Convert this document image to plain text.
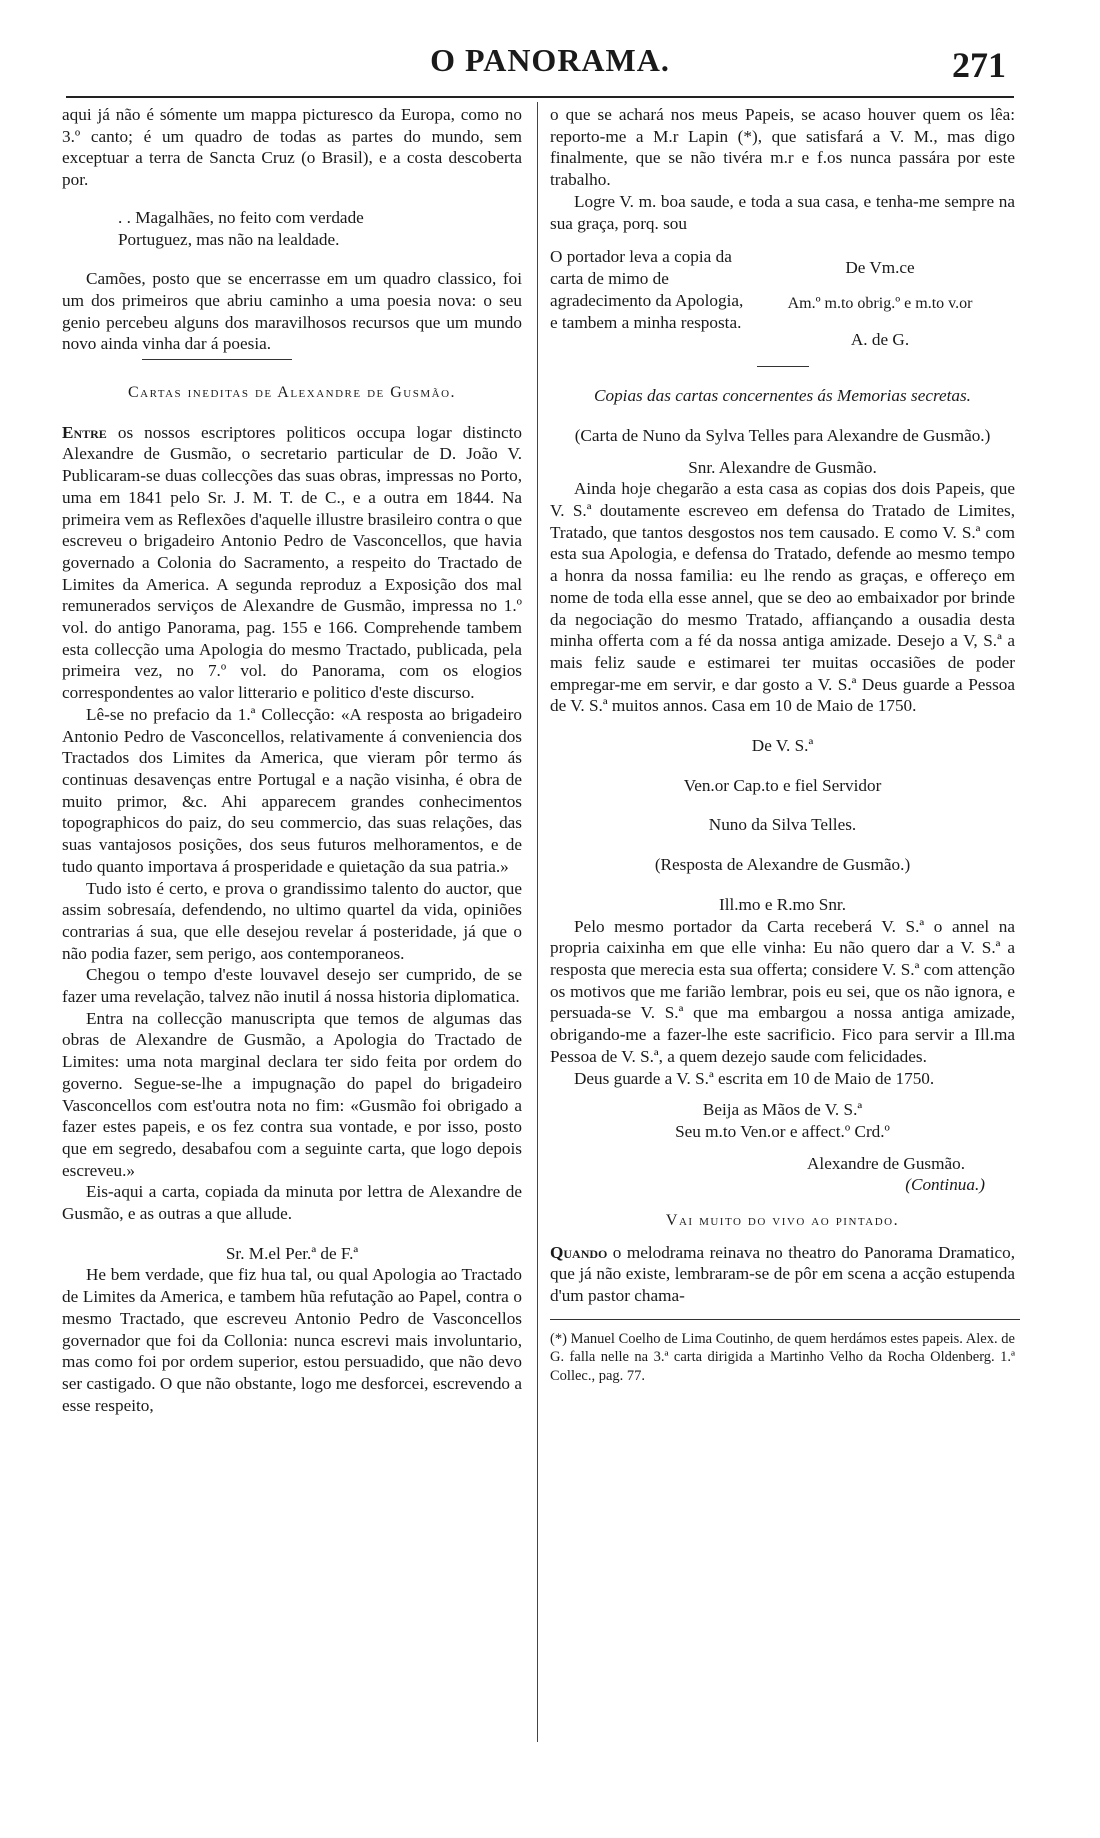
O PANORAMA.	271

aqui já não é sómente um mappa picturesco da Europa, como no 3.º canto; é um quadro de todas as partes do mundo, sem exceptuar a terra de Sancta Cruz (o Brasil), e a costa descoberta por.

. . Magalhães, no feito com verdade
Portuguez, mas não na lealdade.

Camões, posto que se encerrasse em um quadro classico, foi um dos primeiros que abriu caminho a uma poesia nova: o seu genio percebeu alguns dos maravilhosos recursos que um mundo novo ainda vinha dar á poesia.

Cartas ineditas de Alexandre de Gusmão.

Entre os nossos escriptores politicos occupa logar distincto Alexandre de Gusmão, o secretario particular de D. João V. Publicaram-se duas collecções das suas obras, impressas no Porto, uma em 1841 pelo Sr. J. M. T. de C., e a outra em 1844. Na primeira vem as Reflexões d'aquelle illustre brasileiro contra o que escreveu o brigadeiro Antonio Pedro de Vasconcellos, que havia governado a Colonia do Sacramento, a respeito do Tractado de Limites da America. A segunda reproduz a Exposição dos mal remunerados serviços de Alexandre de Gusmão, impressa no 1.º vol. do antigo Panorama, pag. 155 e 166. Comprehende tambem esta collecção uma Apologia do mesmo Tractado, publicada, pela primeira vez, no 7.º vol. do Panorama, com os elogios correspondentes ao valor litterario e politico d'este discurso.

Lê-se no prefacio da 1.ª Collecção: «A resposta ao brigadeiro Antonio Pedro de Vasconcellos, relativamente á conveniencia dos Tractados dos Limites da America, que vieram pôr termo ás continuas desavenças entre Portugal e a nação visinha, é obra de muito primor, &c. Ahi apparecem grandes conhecimentos topographicos do paiz, do seu commercio, das suas relações, das suas vantajosos posições, dos seus futuros melhoramentos, e de tudo quanto importava á prosperidade e quietação da sua patria.»

Tudo isto é certo, e prova o grandissimo talento do auctor, que assim sobresaía, defendendo, no ultimo quartel da vida, opiniões contrarias á sua, que elle desejou revelar á posteridade, já que o não podia fazer, sem perigo, aos contemporaneos.

Chegou o tempo d'este louvavel desejo ser cumprido, de se fazer uma revelação, talvez não inutil á nossa historia diplomatica.

Entra na collecção manuscripta que temos de algumas das obras de Alexandre de Gusmão, a Apologia do Tractado de Limites: uma nota marginal declara ter sido feita por ordem do governo. Segue-se-lhe a impugnação do papel do brigadeiro Vasconcellos com est'outra nota no fim: «Gusmão foi obrigado a fazer estes papeis, e os fez contra sua vontade, e por isso, posto que em segredo, desabafou com a seguinte carta, que logo depois escreveu.»

Eis-aqui a carta, copiada da minuta por lettra de Alexandre de Gusmão, e as outras a que allude.

Sr. M.el Per.ª de F.ª

He bem verdade, que fiz hua tal, ou qual Apologia ao Tractado de Limites da America, e tambem hũa refutação ao Papel, contra o mesmo Tractado, que escreveu Antonio Pedro de Vasconcellos governador que foi da Collonia: nunca escrevi mais involuntario, mas como foi por ordem superior, estou persuadido, que não devo ser castigado. O que não obstante, logo me desforcei, escrevendo a esse respeito,

o que se achará nos meus Papeis, se acaso houver quem os lêa: reporto-me a M.r Lapin (*), que satisfará a V. M., mas digo finalmente, que se não tivéra m.r e f.os nunca passára por este trabalho.

Logre V. m. boa saude, e toda a sua casa, e tenha-me sempre na sua graça, porq. sou

O portador leva a copia da carta de mimo de agradecimento da Apologia, e tambem a minha resposta.
De Vm.ce
Am.º m.to obrig.º e m.to v.or
A. de G.
Copias das cartas concernentes ás Memorias secretas.
(Carta de Nuno da Sylva Telles para Alexandre de Gusmão.)
Snr. Alexandre de Gusmão.

Ainda hoje chegarão a esta casa as copias dos dois Papeis, que V. S.ª doutamente escreveo em defensa do Tratado de Limites, Tratado, que tantos desgostos nos tem causado. E como V. S.ª com esta sua Apologia, e defensa do Tratado, defende ao mesmo tempo a honra da nossa familia: eu lhe rendo as graças, e offereço em nome de toda ella esse annel, que se deo ao embaixador por brinde da negociação do mesmo Tratado, affiançando a ousadia desta minha offerta com a fé da nossa antiga amizade. Desejo a V, S.ª a mais feliz saude e estimarei ter muitas occasiões de poder empregar-me em servir, e dar gosto a V. S.ª Deus guarde a Pessoa de V. S.ª muitos annos. Casa em 10 de Maio de 1750.

De V. S.ª
Ven.or Cap.to e fiel Servidor
Nuno da Silva Telles.
(Resposta de Alexandre de Gusmão.)
Ill.mo e R.mo Snr.

Pelo mesmo portador da Carta receberá V. S.ª o annel na propria caixinha em que elle vinha: Eu não quero dar a V. S.ª a resposta que merecia esta sua offerta; considere V. S.ª com attenção os motivos que me farião lembrar, pois eu sei, que os não ignora, e persuada-se V. S.ª que ma embargou a nossa antiga amizade, obrigando-me a fazer-lhe este sacrificio. Fico para servir a Ill.ma Pessoa de V. S.ª, a quem dezejo saude com felicidades.

Deus guarde a V. S.ª escrita em 10 de Maio de 1750.

Beija as Mãos de V. S.ª
Seu m.to Ven.or e affect.º Crd.º
Alexandre de Gusmão.
(Continua.)
Vai muito do vivo ao pintado.

Quando o melodrama reinava no theatro do Panorama Dramatico, que já não existe, lembraram-se de pôr em scena a acção estupenda d'um pastor chama-

(*) Manuel Coelho de Lima Coutinho, de quem herdámos estes papeis. Alex. de G. falla nelle na 3.ª carta dirigida a Martinho Velho da Rocha Oldenberg. 1.ª Collec., pag. 77.
